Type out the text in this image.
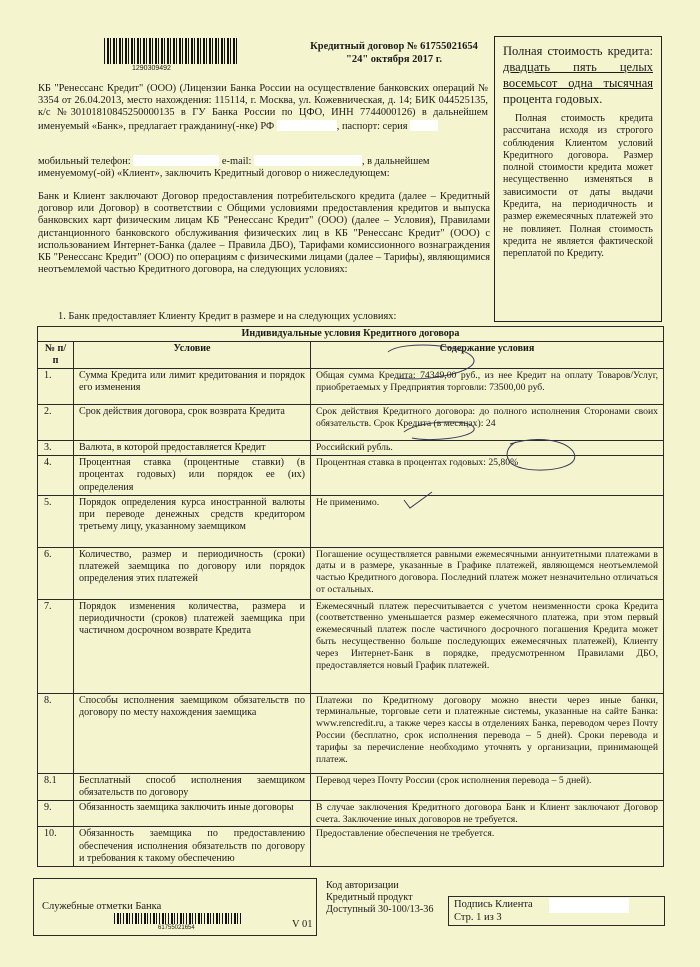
1290309492
Кредитный договор № 61755021654
"24" октября 2017 г.
Полная стоимость кредита: двадцать пять целых восемьсот одна тысячная процента годовых.
Полная стоимость кредита рассчитана исходя из строгого соблюдения Клиентом условий Кредитного договора. Размер полной стоимости кредита может несущественно изменяться в зависимости от даты выдачи Кредита, на периодичность и размер ежемесячных платежей это не повлияет. Полная стоимость кредита не является фактической переплатой по Кредиту.
КБ "Ренессанс Кредит" (ООО) (Лицензии Банка России на осуществление банковских операций № 3354 от 26.04.2013, место нахождения: 115114, г. Москва, ул. Кожевническая, д. 14; БИК 044525135, к/с №30101810845250000135 в ГУ Банка России по ЦФО, ИНН 7744000126) в дальнейшем именуемый «Банк», предлагает гражданину(-нке) РФ	, паспорт: серия
мобильный телефон:	e-mail:	, в дальнейшем
именуемому(-ой) «Клиент», заключить Кредитный договор о нижеследующем:
Банк и Клиент заключают Договор предоставления потребительского кредита (далее – Кредитный договор или Договор) в соответствии с Общими условиями предоставления кредитов и выпуска банковских карт физическим лицам КБ "Ренессанс Кредит" (ООО) (далее – Условия), Правилами дистанционного банковского обслуживания физических лиц в КБ "Ренессанс Кредит" (ООО) с использованием Интернет-Банка (далее – Правила ДБО), Тарифами комиссионного вознаграждения КБ "Ренессанс Кредит" (ООО) по операциям с физическими лицами (далее – Тарифы), являющимися неотъемлемой частью Кредитного договора, на следующих условиях:
1. Банк предоставляет Клиенту Кредит в размере и на следующих условиях:
Индивидуальные условия Кредитного договора		
№ п/п	Условие	Содержание условия
1.	Сумма Кредита или лимит кредитования и порядок его изменения	Общая сумма Кредита: 74349,00 руб., из нее Кредит на оплату Товаров/Услуг, приобретаемых у Предприятия торговли: 73500,00 руб.
2.	Срок действия договора, срок возврата Кредита	Срок действия Кредитного договора: до полного исполнения Сторонами своих обязательств. Срок Кредита (в месяцах): 24
3.	Валюта, в которой предоставляется Кредит	Российский рубль.
4.	Процентная ставка (процентные ставки) (в процентах годовых) или порядок ее (их) определения	Процентная ставка в процентах годовых: 25,80%
5.	Порядок определения курса иностранной валюты при переводе денежных средств кредитором третьему лицу, указанному заемщиком	Не применимо.
6.	Количество, размер и периодичность (сроки) платежей заемщика по договору или порядок определения этих платежей	Погашение осуществляется равными ежемесячными аннуитетными платежами в даты и в размере, указанные в Графике платежей, являющемся неотъемлемой частью Кредитного договора. Последний платеж может незначительно отличаться от остальных.
7.	Порядок изменения количества, размера и периодичности (сроков) платежей заемщика при частичном досрочном возврате Кредита	Ежемесячный платеж пересчитывается с учетом неизменности срока Кредита (соответственно уменьшается размер ежемесячного платежа, при этом первый ежемесячный платеж после частичного досрочного погашения Кредита может быть несущественно больше последующих ежемесячных платежей), Клиенту через Интернет-Банк в порядке, предусмотренном Правилами ДБО, предоставляется новый График платежей.
8.	Способы исполнения заемщиком обязательств по договору по месту нахождения заемщика	Платежи по Кредитному договору можно внести через иные банки, терминальные, торговые сети и платежные системы, указанные на сайте Банка: www.rencredit.ru, а также через кассы в отделениях Банка, переводом через Почту России (бесплатно, срок исполнения перевода – 5 дней). Сроки перевода и тарифы за перечисление необходимо уточнять у организации, принимающей платеж.
8.1	Бесплатный способ исполнения заемщиком обязательств по договору	Перевод через Почту России (срок исполнения перевода – 5 дней).
9.	Обязанность заемщика заключить иные договоры	В случае заключения Кредитного договора Банк и Клиент заключают Договор счета. Заключение иных договоров не требуется.
10.	Обязанность заемщика по предоставлению обеспечения исполнения обязательств по договору и требования к такому обеспечению	Предоставление обеспечения не требуется.
Служебные отметки Банка
61755021654	V 01
Код авторизации
Кредитный продукт Доступный 30-100/13-36	Подпись Клиента
Стр. 1 из 3
